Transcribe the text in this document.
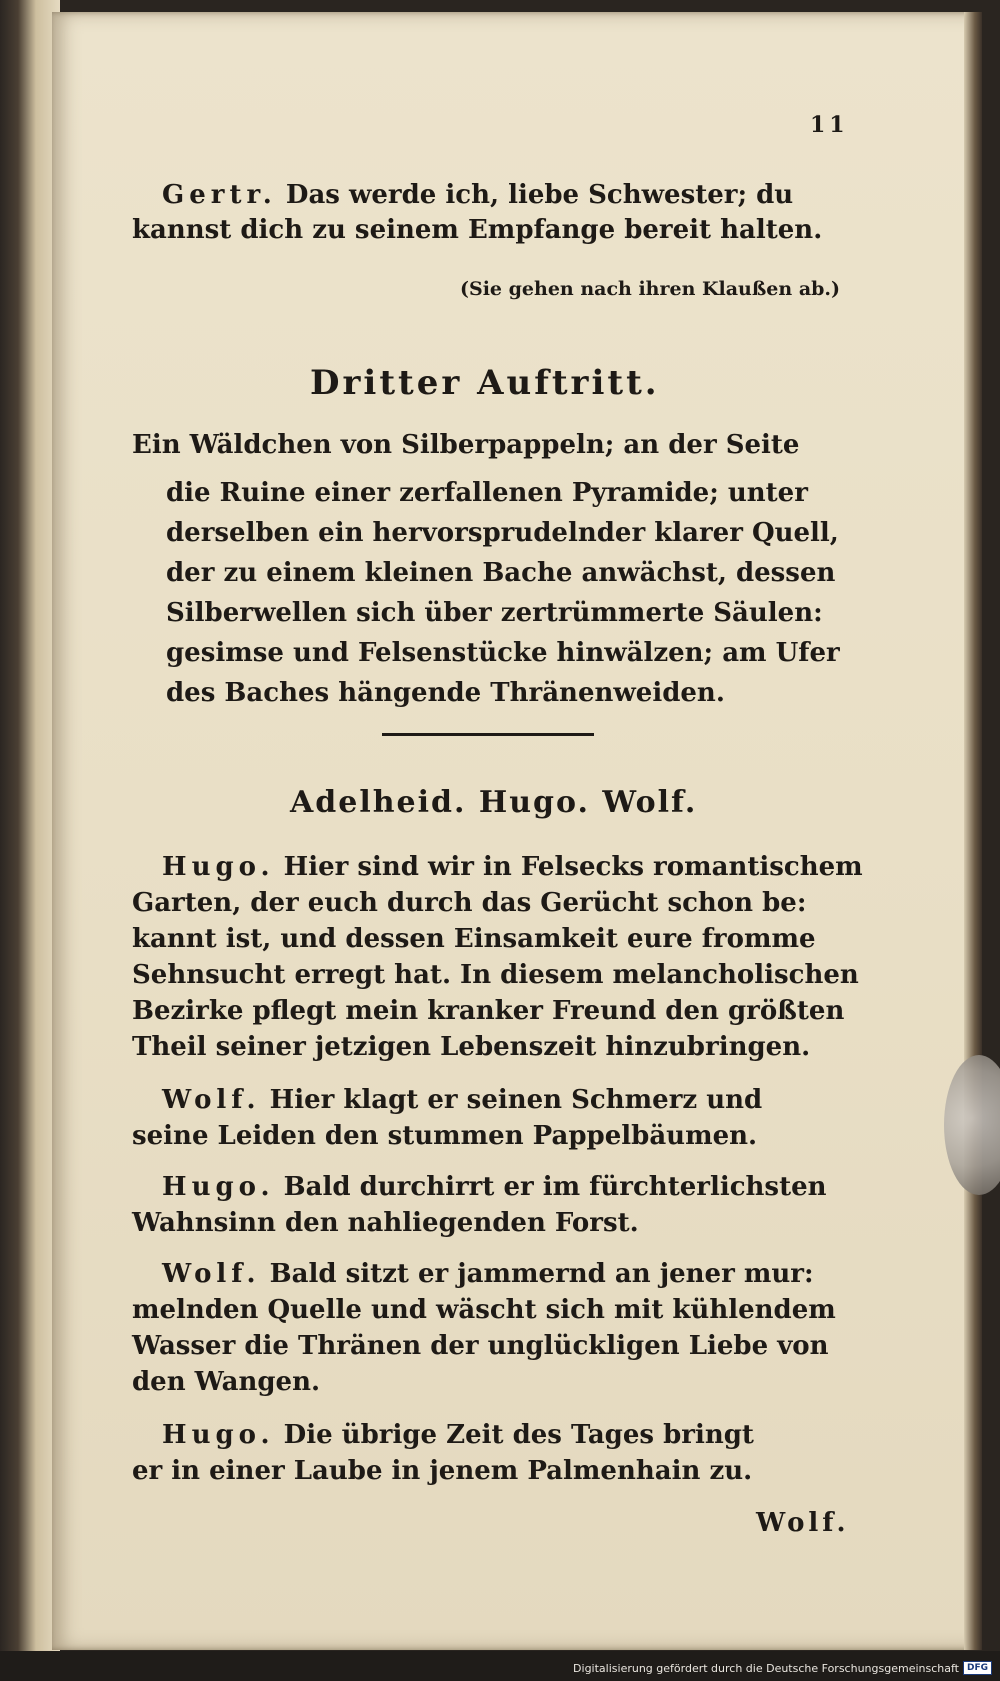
11
Gertr. Das werde ich, liebe Schwester; du
kannst dich zu seinem Empfange bereit halten.
(Sie gehen nach ihren Klaußen ab.)
Dritter Auftritt.
Ein Wäldchen von Silberpappeln; an der Seite
die Ruine einer zerfallenen Pyramide; unter
derselben ein hervorsprudelnder klarer Quell,
der zu einem kleinen Bache anwächst, dessen
Silberwellen sich über zertrümmerte Säulen:
gesimse und Felsenstücke hinwälzen; am Ufer
des Baches hängende Thränenweiden.
Adelheid. Hugo. Wolf.
Hugo. Hier sind wir in Felsecks romantischem
Garten, der euch durch das Gerücht schon be:
kannt ist, und dessen Einsamkeit eure fromme
Sehnsucht erregt hat. In diesem melancholischen
Bezirke pflegt mein kranker Freund den größten
Theil seiner jetzigen Lebenszeit hinzubringen.
Wolf. Hier klagt er seinen Schmerz und
seine Leiden den stummen Pappelbäumen.
Hugo. Bald durchirrt er im fürchterlichsten
Wahnsinn den nahliegenden Forst.
Wolf. Bald sitzt er jammernd an jener mur:
melnden Quelle und wäscht sich mit kühlendem
Wasser die Thränen der unglückligen Liebe von
den Wangen.
Hugo. Die übrige Zeit des Tages bringt
er in einer Laube in jenem Palmenhain zu.
Wolf.
Digitalisierung gefördert durch die Deutsche Forschungsgemeinschaft DFG
